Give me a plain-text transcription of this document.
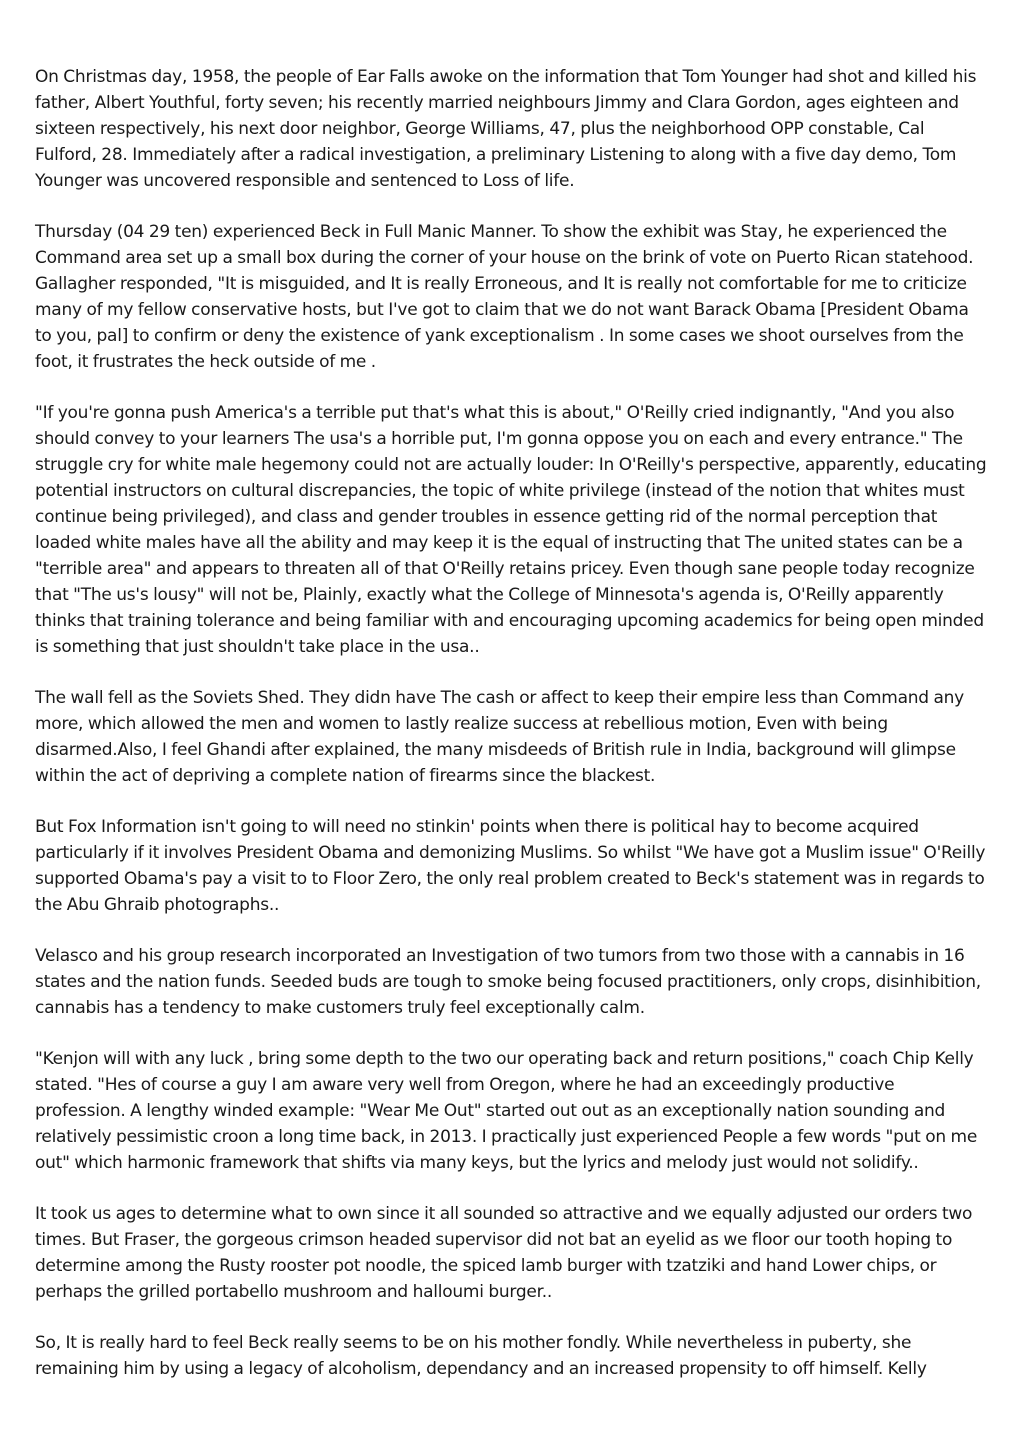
On Christmas day, 1958, the people of Ear Falls awoke on the information that Tom Younger had shot and killed his father, Albert Youthful, forty seven; his recently married neighbours Jimmy and Clara Gordon, ages eighteen and sixteen respectively, his next door neighbor, George Williams, 47, plus the neighborhood OPP constable, Cal Fulford, 28. Immediately after a radical investigation, a preliminary Listening to along with a five day demo, Tom Younger was uncovered responsible and sentenced to Loss of life.

Thursday (04 29 ten) experienced Beck in Full Manic Manner. To show the exhibit was Stay, he experienced the Command area set up a small box during the corner of your house on the brink of vote on Puerto Rican statehood. Gallagher responded, "It is misguided, and It is really Erroneous, and It is really not comfortable for me to criticize many of my fellow conservative hosts, but I've got to claim that we do not want Barack Obama [President Obama to you, pal] to confirm or deny the existence of yank exceptionalism . In some cases we shoot ourselves from the foot, it frustrates the heck outside of me .

"If you're gonna push America's a terrible put that's what this is about," O'Reilly cried indignantly, "And you also should convey to your learners The usa's a horrible put, I'm gonna oppose you on each and every entrance." The struggle cry for white male hegemony could not are actually louder: In O'Reilly's perspective, apparently, educating potential instructors on cultural discrepancies, the topic of white privilege (instead of the notion that whites must continue being privileged), and class and gender troubles in essence getting rid of the normal perception that loaded white males have all the ability and may keep it is the equal of instructing that The united states can be a "terrible area" and appears to threaten all of that O'Reilly retains pricey. Even though sane people today recognize that "The us's lousy" will not be, Plainly, exactly what the College of Minnesota's agenda is, O'Reilly apparently thinks that training tolerance and being familiar with and encouraging upcoming academics for being open minded is something that just shouldn't take place in the usa..

The wall fell as the Soviets Shed. They didn have The cash or affect to keep their empire less than Command any more, which allowed the men and women to lastly realize success at rebellious motion, Even with being disarmed.Also, I feel Ghandi after explained, the many misdeeds of British rule in India, background will glimpse within the act of depriving a complete nation of firearms since the blackest.

But Fox Information isn't going to will need no stinkin' points when there is political hay to become acquired particularly if it involves President Obama and demonizing Muslims. So whilst "We have got a Muslim issue" O'Reilly supported Obama's pay a visit to to Floor Zero, the only real problem created to Beck's statement was in regards to the Abu Ghraib photographs..

Velasco and his group research incorporated an Investigation of two tumors from two those with a cannabis in 16 states and the nation funds. Seeded buds are tough to smoke being focused practitioners, only crops, disinhibition, cannabis has a tendency to make customers truly feel exceptionally calm.

"Kenjon will with any luck , bring some depth to the two our operating back and return positions," coach Chip Kelly stated. "Hes of course a guy I am aware very well from Oregon, where he had an exceedingly productive profession. A lengthy winded example: "Wear Me Out" started out out as an exceptionally nation sounding and relatively pessimistic croon a long time back, in 2013. I practically just experienced People a few words "put on me out" which harmonic framework that shifts via many keys, but the lyrics and melody just would not solidify..

It took us ages to determine what to own since it all sounded so attractive and we equally adjusted our orders two times. But Fraser, the gorgeous crimson headed supervisor did not bat an eyelid as we floor our tooth hoping to determine among the Rusty rooster pot noodle, the spiced lamb burger with tzatziki and hand Lower chips, or perhaps the grilled portabello mushroom and halloumi burger..

So, It is really hard to feel Beck really seems to be on his mother fondly. While nevertheless in puberty, she remaining him by using a legacy of alcoholism, dependancy and an increased propensity to off himself. Kelly
